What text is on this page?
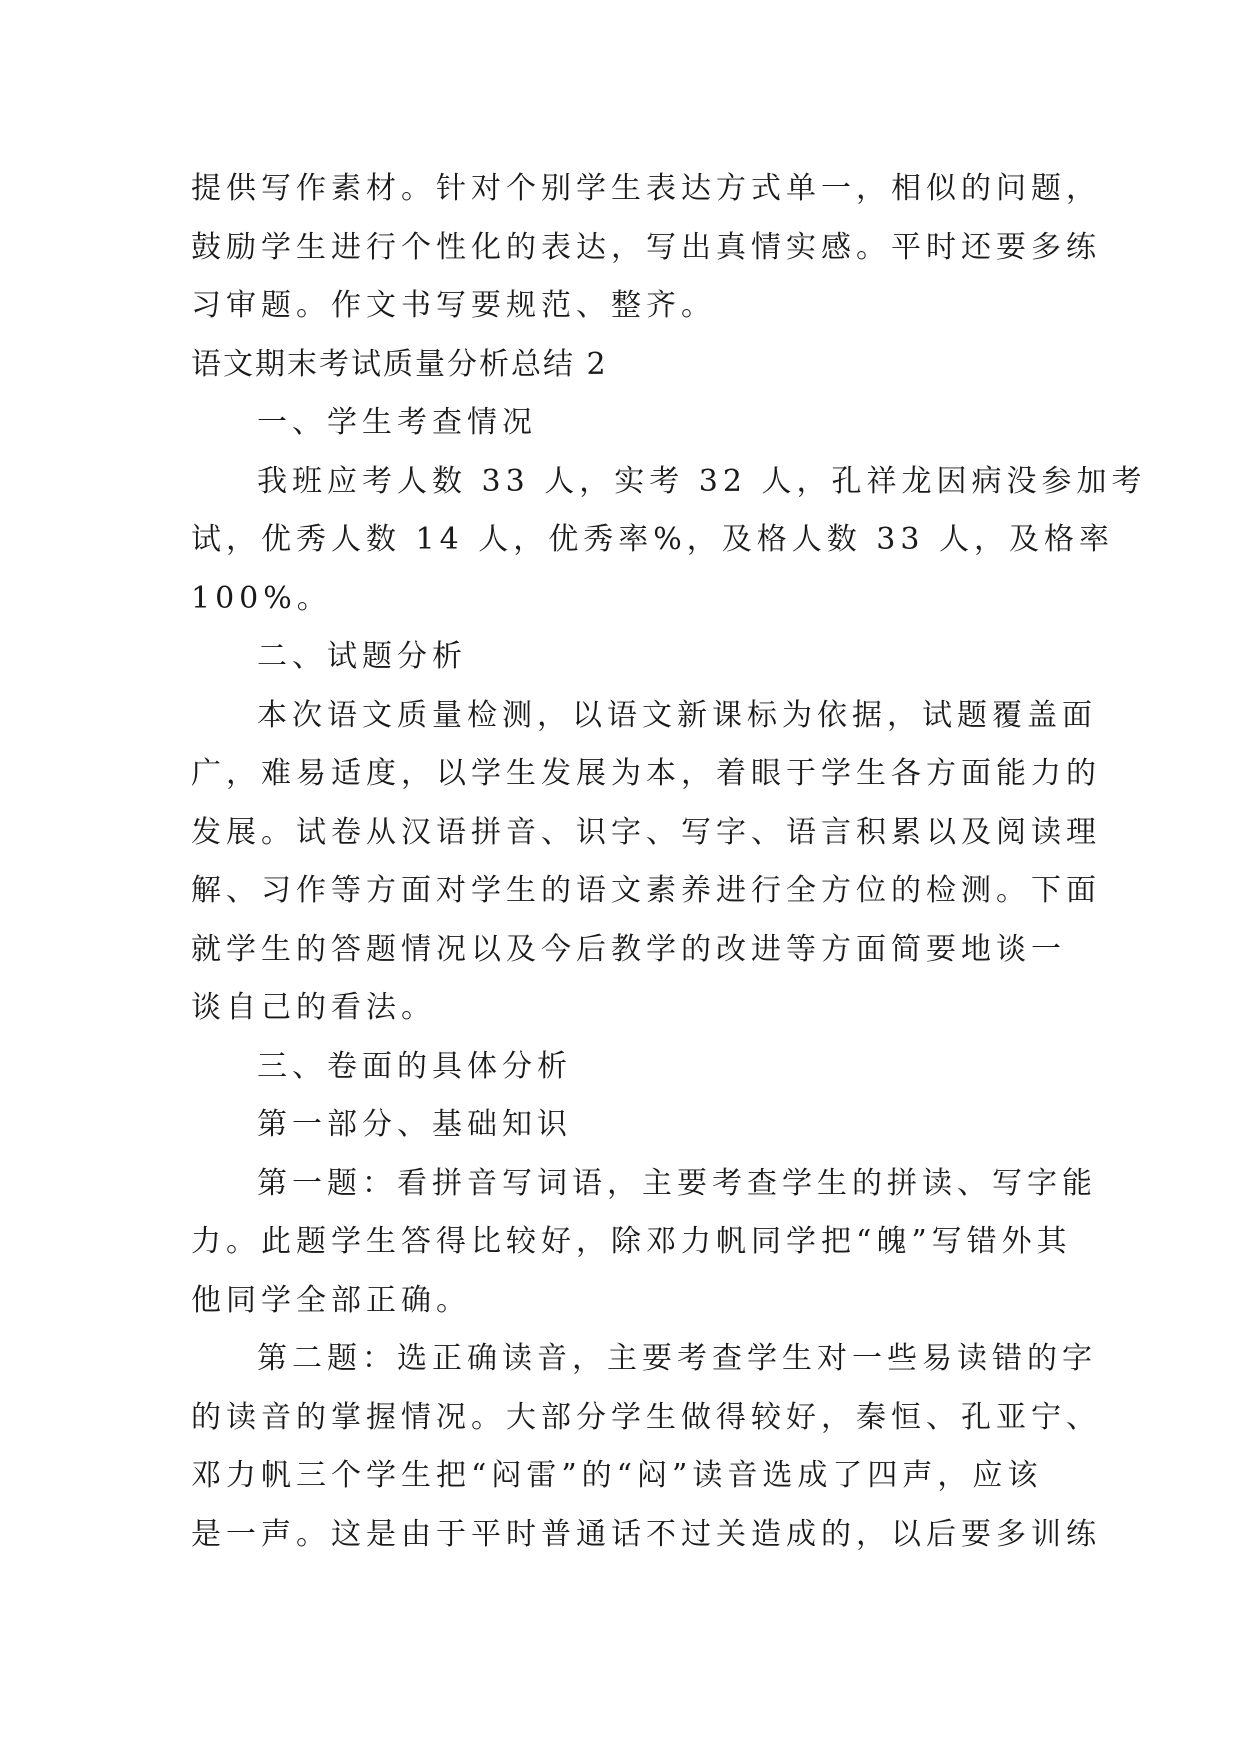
提供写作素材。针对个别学生表达方式单一，相似的问题，
鼓励学生进行个性化的表达，写出真情实感。平时还要多练
习审题。作文书写要规范、整齐。
语文期末考试质量分析总结 2
一、学生考查情况
我班应考人数 33 人，实考 32 人，孔祥龙因病没参加考
试，优秀人数 14 人，优秀率%，及格人数 33 人，及格率
100%。
二、试题分析
本次语文质量检测，以语文新课标为依据，试题覆盖面
广，难易适度，以学生发展为本，着眼于学生各方面能力的
发展。试卷从汉语拼音、识字、写字、语言积累以及阅读理
解、习作等方面对学生的语文素养进行全方位的检测。下面
就学生的答题情况以及今后教学的改进等方面简要地谈一
谈自己的看法。
三、卷面的具体分析
第一部分、基础知识
第一题：看拼音写词语，主要考查学生的拼读、写字能
力。此题学生答得比较好，除邓力帆同学把“魄”写错外其
他同学全部正确。
第二题：选正确读音，主要考查学生对一些易读错的字
的读音的掌握情况。大部分学生做得较好，秦恒、孔亚宁、
邓力帆三个学生把“闷雷”的“闷”读音选成了四声，应该
是一声。这是由于平时普通话不过关造成的，以后要多训练
